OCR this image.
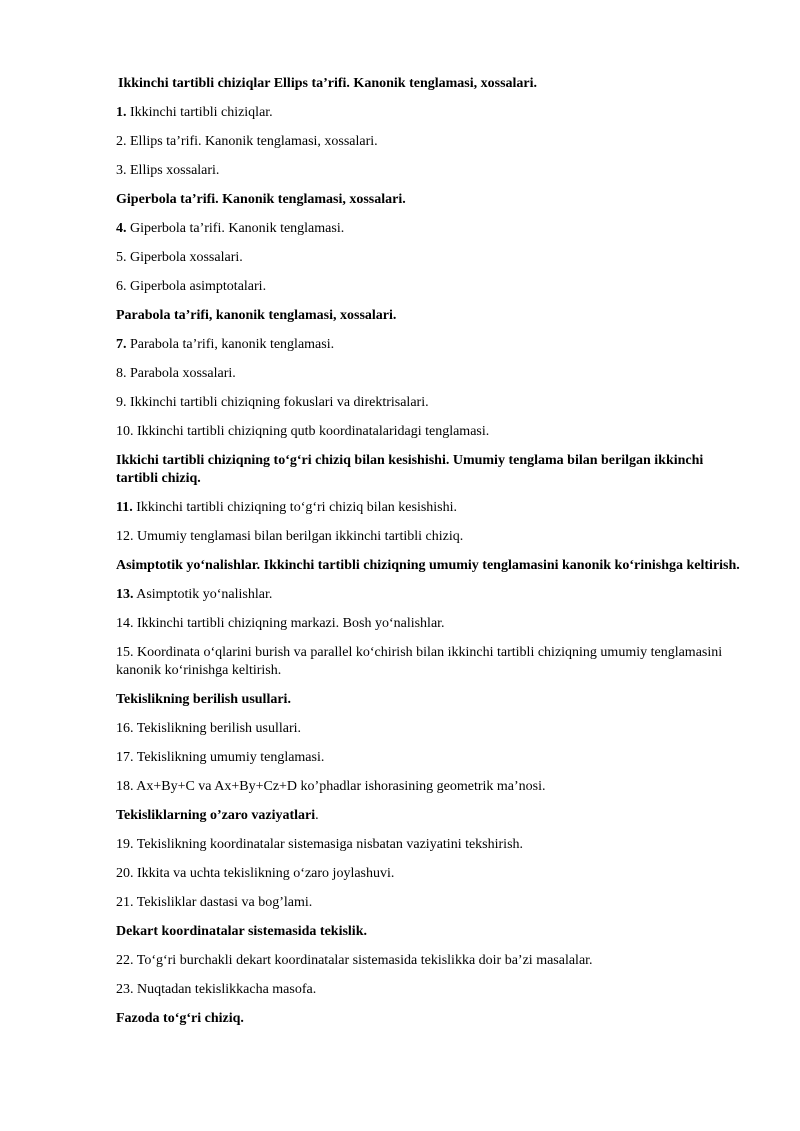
Ikkinchi tartibli chiziqlar Ellips ta’rifi. Kanonik tenglamasi, xossalari.

1. Ikkinchi tartibli chiziqlar.

2. Ellips ta’rifi. Kanonik tenglamasi, xossalari.

3. Ellips xossalari.

Giperbola ta’rifi. Kanonik tenglamasi, xossalari.

4. Giperbola ta’rifi. Kanonik tenglamasi.

5. Giperbola xossalari.

6. Giperbola asimptotalari.

Parabola ta’rifi, kanonik tenglamasi, xossalari.

7. Parabola ta’rifi, kanonik tenglamasi.

8. Parabola xossalari.

9. Ikkinchi tartibli chiziqning fokuslari va direktrisalari.

10. Ikkinchi tartibli chiziqning qutb koordinatalaridagi tenglamasi.

Ikkichi tartibli chiziqning to‘g‘ri chiziq bilan kesishishi. Umumiy tenglama bilan berilgan ikkinchi tartibli chiziq.

11. Ikkinchi tartibli chiziqning to‘g‘ri chiziq bilan kesishishi.

12. Umumiy tenglamasi bilan berilgan ikkinchi tartibli chiziq.

Asimptotik yo‘nalishlar. Ikkinchi tartibli chiziqning umumiy tenglamasini kanonik ko‘rinishga keltirish.

13. Asimptotik yo‘nalishlar.

14. Ikkinchi tartibli chiziqning markazi. Bosh yo‘nalishlar.

15. Koordinata o‘qlarini burish va parallel ko‘chirish bilan ikkinchi tartibli chiziqning umumiy tenglamasini kanonik ko‘rinishga keltirish.

Tekislikning berilish usullari.

16. Tekislikning berilish usullari.

17. Tekislikning umumiy tenglamasi.

18. Ax+By+C va Ax+By+Cz+D ko’phadlar ishorasining geometrik ma’nosi.

Tekisliklarning o’zaro vaziyatlari.

19. Tekislikning koordinatalar sistemasiga nisbatan vaziyatini tekshirish.

20. Ikkita va uchta tekislikning o‘zaro joylashuvi.

21. Tekisliklar dastasi va bog’lami.

Dekart koordinatalar sistemasida tekislik.

22. To‘g‘ri burchakli dekart koordinatalar sistemasida tekislikka doir ba’zi masalalar.

23. Nuqtadan tekislikkacha masofa.

Fazoda to‘g‘ri chiziq.
